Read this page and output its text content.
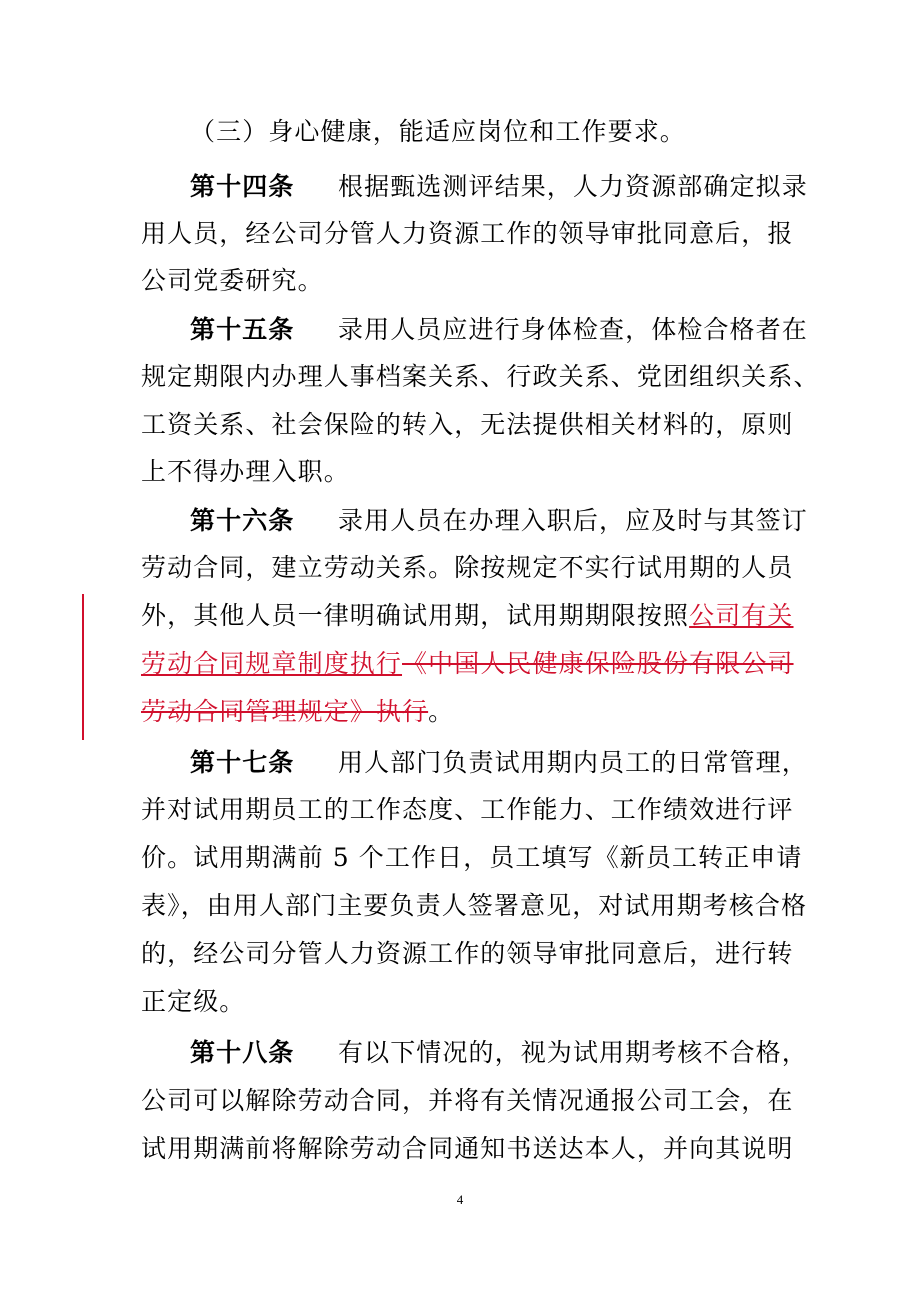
（三）身心健康，能适应岗位和工作要求。
第十四条 根据甄选测评结果，人力资源部确定拟录
用人员，经公司分管人力资源工作的领导审批同意后，报
公司党委研究。
第十五条 录用人员应进行身体检查，体检合格者在
规定期限内办理人事档案关系、行政关系、党团组织关系、
工资关系、社会保险的转入，无法提供相关材料的，原则
上不得办理入职。
第十六条 录用人员在办理入职后，应及时与其签订
劳动合同，建立劳动关系。除按规定不实行试用期的人员
外，其他人员一律明确试用期，试用期期限按照公司有关
劳动合同规章制度执行《中国人民健康保险股份有限公司
劳动合同管理规定》执行。
第十七条 用人部门负责试用期内员工的日常管理，
并对试用期员工的工作态度、工作能力、工作绩效进行评
价。试用期满前 5 个工作日，员工填写《新员工转正申请
表》，由用人部门主要负责人签署意见，对试用期考核合格
的，经公司分管人力资源工作的领导审批同意后，进行转
正定级。
第十八条 有以下情况的，视为试用期考核不合格，
公司可以解除劳动合同，并将有关情况通报公司工会，在
试用期满前将解除劳动合同通知书送达本人，并向其说明
4
